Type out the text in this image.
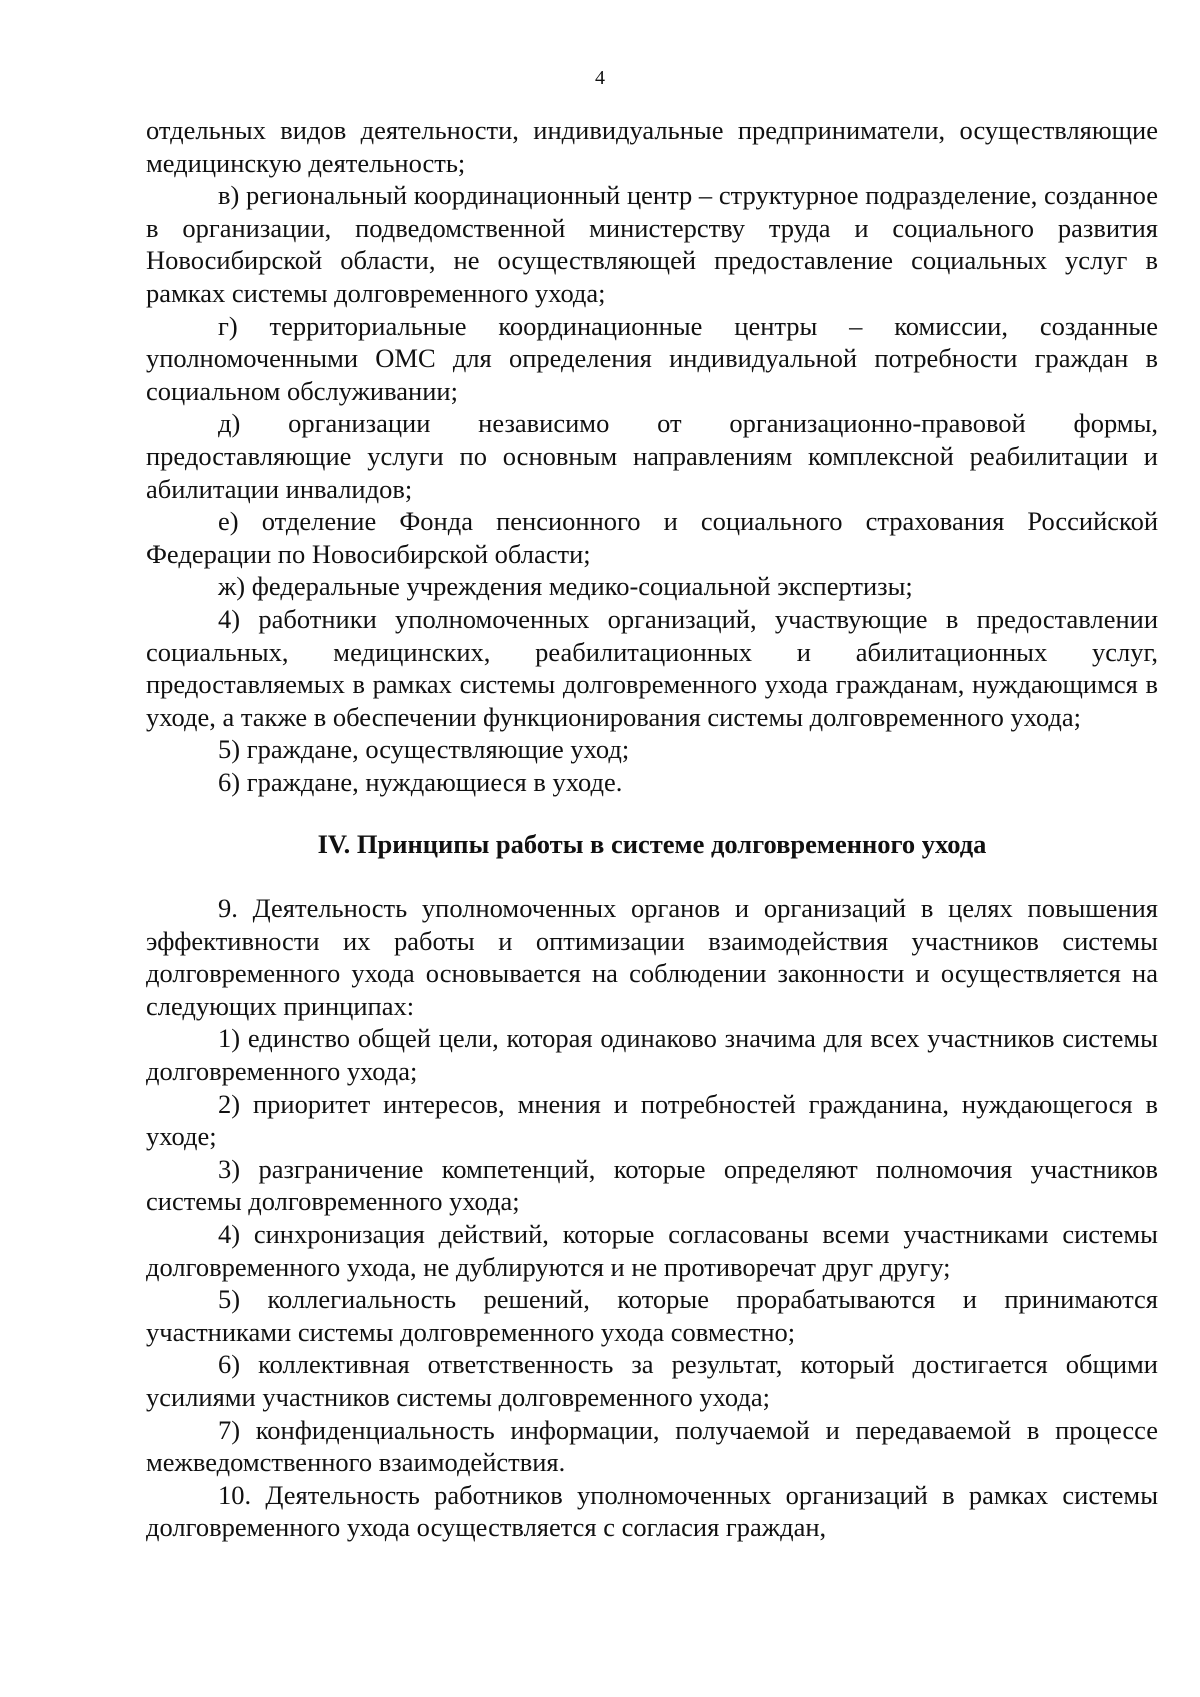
4

отдельных видов деятельности, индивидуальные предприниматели, осуществляющие медицинскую деятельность;

в) региональный координационный центр – структурное подразделение, созданное в организации, подведомственной министерству труда и социального развития Новосибирской области, не осуществляющей предоставление социальных услуг в рамках системы долговременного ухода;

г) территориальные координационные центры – комиссии, созданные уполномоченными ОМС для определения индивидуальной потребности граждан в социальном обслуживании;

д) организации независимо от организационно-правовой формы, предоставляющие услуги по основным направлениям комплексной реабилитации и абилитации инвалидов;

е) отделение Фонда пенсионного и социального страхования Российской Федерации по Новосибирской области;

ж) федеральные учреждения медико-социальной экспертизы;

4) работники уполномоченных организаций, участвующие в предоставлении социальных, медицинских, реабилитационных и абилитационных услуг, предоставляемых в рамках системы долговременного ухода гражданам, нуждающимся в уходе, а также в обеспечении функционирования системы долговременного ухода;

5) граждане, осуществляющие уход;

6) граждане, нуждающиеся в уходе.

IV. Принципы работы в системе долговременного ухода

9. Деятельность уполномоченных органов и организаций в целях повышения эффективности их работы и оптимизации взаимодействия участников системы долговременного ухода основывается на соблюдении законности и осуществляется на следующих принципах:

1) единство общей цели, которая одинаково значима для всех участников системы долговременного ухода;

2) приоритет интересов, мнения и потребностей гражданина, нуждающегося в уходе;

3) разграничение компетенций, которые определяют полномочия участников системы долговременного ухода;

4) синхронизация действий, которые согласованы всеми участниками системы долговременного ухода, не дублируются и не противоречат друг другу;

5) коллегиальность решений, которые прорабатываются и принимаются участниками системы долговременного ухода совместно;

6) коллективная ответственность за результат, который достигается общими усилиями участников системы долговременного ухода;

7) конфиденциальность информации, получаемой и передаваемой в процессе межведомственного взаимодействия.

10. Деятельность работников уполномоченных организаций в рамках системы долговременного ухода осуществляется с согласия граждан,
